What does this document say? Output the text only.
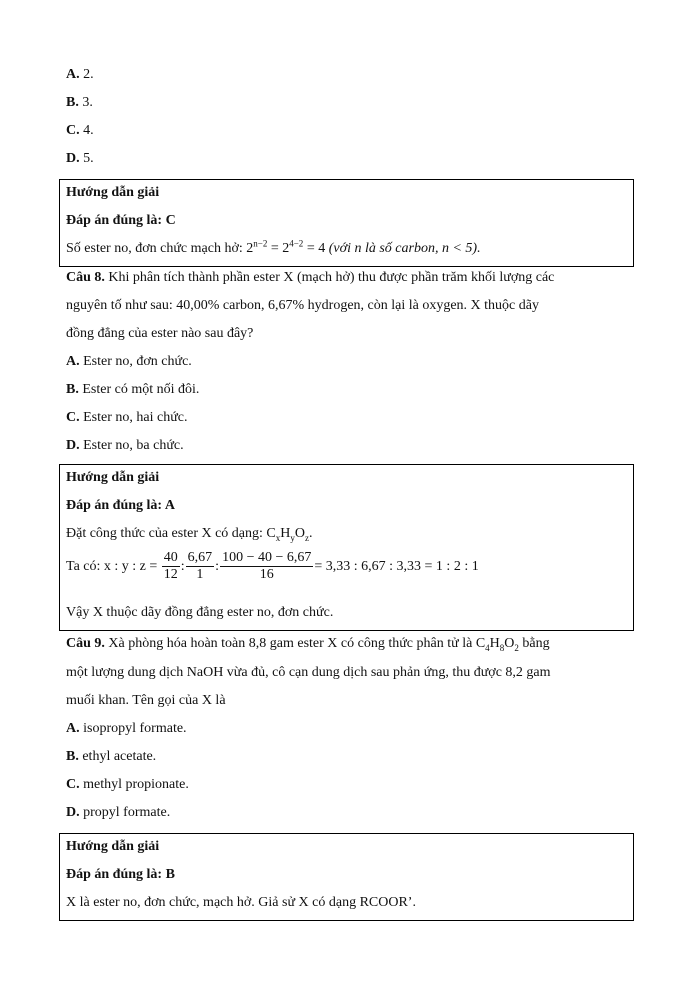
A. 2.
B. 3.
C. 4.
D. 5.
Hướng dẫn giải
Đáp án đúng là: C
Số ester no, đơn chức mạch hở: $2^{n-2} = 2^{4-2} = 4$ (với n là số carbon, n < 5).
Câu 8. Khi phân tích thành phần ester X (mạch hở) thu được phần trăm khối lượng các
nguyên tố như sau: 40,00% carbon, 6,67% hydrogen, còn lại là oxygen. X thuộc dãy
đồng đẳng của ester nào sau đây?
A. Ester no, đơn chức.
B. Ester có một nối đôi.
C. Ester no, hai chức.
D. Ester no, ba chức.
Hướng dẫn giải
Đáp án đúng là: A
Đặt công thức của ester X có dạng: $C_xH_yO_z$.
Ta có: x : y : $z = \frac{40}{12}$ : $\frac{6,67}{1}$ : $\frac{100 - 40 - 6,67}{16} = 3,33$ : 6,67 : 3,33 = 1 : 2 : 1
Vậy X thuộc dãy đồng đẳng ester no, đơn chức.
Câu 9. Xà phòng hóa hoàn toàn 8,8 gam ester X có công thức phân tử là $C_4H_8O_2$ bằng
một lượng dung dịch NaOH vừa đủ, cô cạn dung dịch sau phản ứng, thu được 8,2 gam
muối khan. Tên gọi của X là
A. isopropyl formate.
B. ethyl acetate.
C. methyl propionate.
D. propyl formate.
Hướng dẫn giải
Đáp án đúng là: B
X là ester no, đơn chức, mạch hở. Giả sử X có dạng RCOOR’.
